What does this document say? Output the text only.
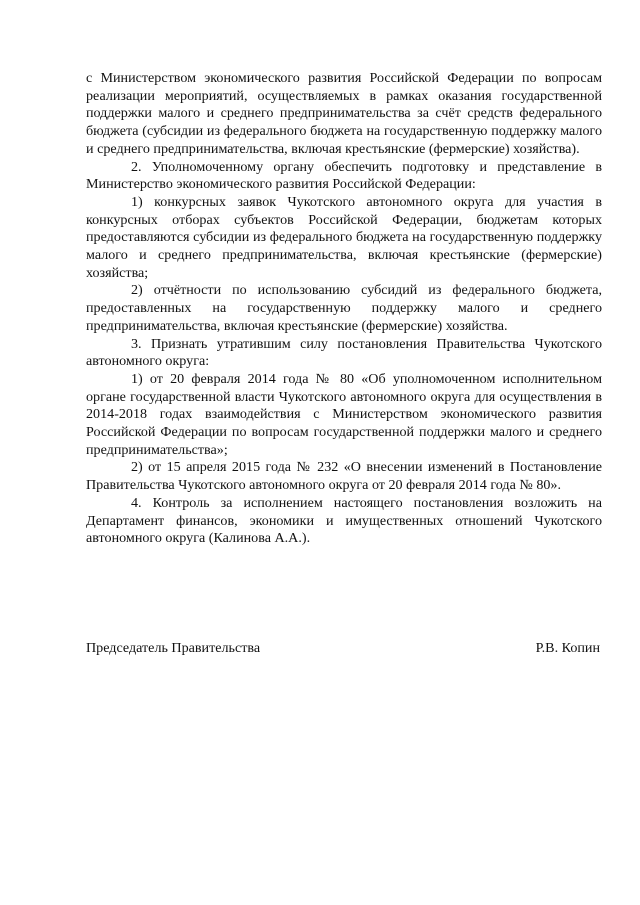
с Министерством экономического развития Российской Федерации по вопросам реализации мероприятий, осуществляемых в рамках оказания государственной поддержки малого и среднего предпринимательства за счёт средств федерального бюджета (субсидии из федерального бюджета на государственную поддержку малого и среднего предпринимательства, включая крестьянские (фермерские) хозяйства).

2. Уполномоченному органу обеспечить подготовку и представление в Министерство экономического развития Российской Федерации:

1) конкурсных заявок Чукотского автономного округа для участия в конкурсных отборах субъектов Российской Федерации, бюджетам которых предоставляются субсидии из федерального бюджета на государственную поддержку малого и среднего предпринимательства, включая крестьянские (фермерские) хозяйства;

2) отчётности по использованию субсидий из федерального бюджета, предоставленных на государственную поддержку малого и среднего предпринимательства, включая крестьянские (фермерские) хозяйства.

3. Признать утратившим силу постановления Правительства Чукотского автономного округа:

1) от 20 февраля 2014 года № 80 «Об уполномоченном исполнительном органе государственной власти Чукотского автономного округа для осуществления в 2014-2018 годах взаимодействия с Министерством экономического развития Российской Федерации по вопросам государственной поддержки малого и среднего предпринимательства»;

2) от 15 апреля 2015 года № 232 «О внесении изменений в Постановление Правительства Чукотского автономного округа от 20 февраля 2014 года № 80».

4. Контроль за исполнением настоящего постановления возложить на Департамент финансов, экономики и имущественных отношений Чукотского автономного округа (Калинова А.А.).

Председатель Правительства	Р.В. Копин
